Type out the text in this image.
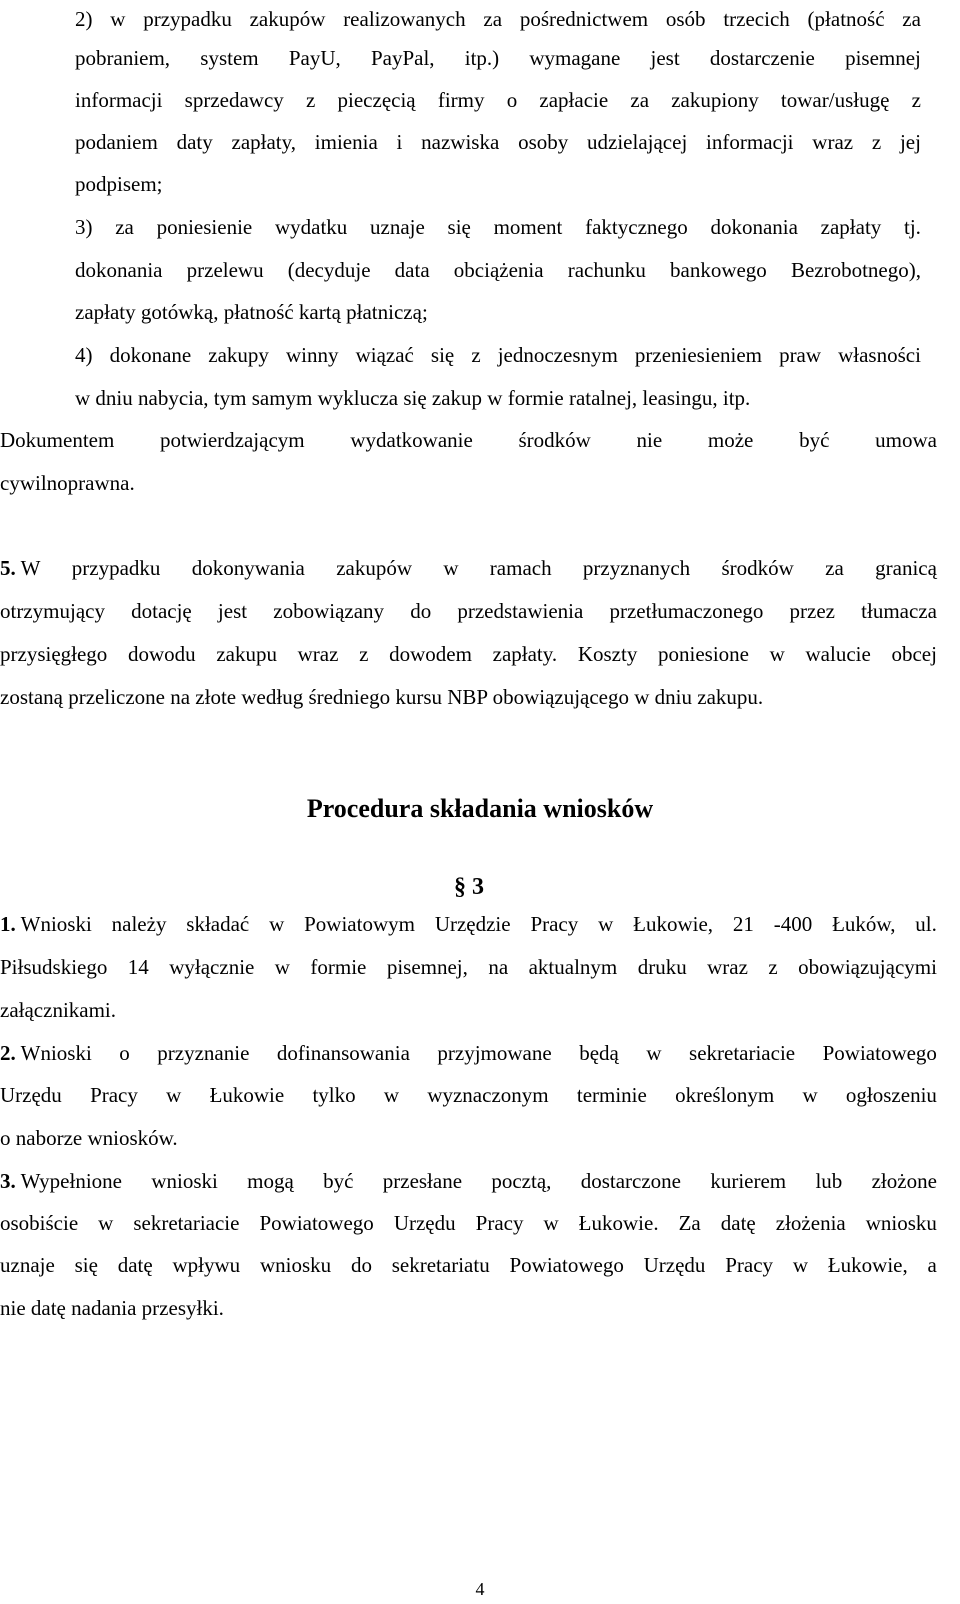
2) w przypadku zakupów realizowanych za pośrednictwem osób trzecich (płatność za
pobraniem, system PayU, PayPal, itp.) wymagane jest dostarczenie pisemnej
informacji sprzedawcy z pieczęcią firmy o zapłacie za zakupiony towar/usługę z
podaniem daty zapłaty, imienia i nazwiska osoby udzielającej informacji wraz z jej
podpisem;
3) za poniesienie wydatku uznaje się moment faktycznego dokonania zapłaty tj.
dokonania przelewu (decyduje data obciążenia rachunku bankowego Bezrobotnego),
zapłaty gotówką, płatność kartą płatniczą;
4) dokonane zakupy winny wiązać się z jednoczesnym przeniesieniem praw własności
w dniu nabycia, tym samym wyklucza się zakup w formie ratalnej, leasingu, itp.
Dokumentem potwierdzającym wydatkowanie środków nie może być umowa
cywilnoprawna.
5. W przypadku dokonywania zakupów w ramach przyznanych środków za granicą
otrzymujący dotację jest zobowiązany do przedstawienia przetłumaczonego przez tłumacza
przysięgłego dowodu zakupu wraz z dowodem zapłaty. Koszty poniesione w walucie obcej
zostaną przeliczone na złote według średniego kursu NBP obowiązującego w dniu zakupu.
Procedura składania wniosków
§ 3
1. Wnioski należy składać w Powiatowym Urzędzie Pracy w Łukowie, 21 -400 Łuków, ul.
Piłsudskiego 14 wyłącznie w formie pisemnej, na aktualnym druku wraz z obowiązującymi
załącznikami.
2. Wnioski o przyznanie dofinansowania przyjmowane będą w sekretariacie Powiatowego
Urzędu Pracy w Łukowie tylko w wyznaczonym terminie określonym w ogłoszeniu
o naborze wniosków.
3. Wypełnione wnioski mogą być przesłane pocztą, dostarczone kurierem lub złożone
osobiście w sekretariacie Powiatowego Urzędu Pracy w Łukowie. Za datę złożenia wniosku
uznaje się datę wpływu wniosku do sekretariatu Powiatowego Urzędu Pracy w Łukowie, a
nie datę nadania przesyłki.
4
